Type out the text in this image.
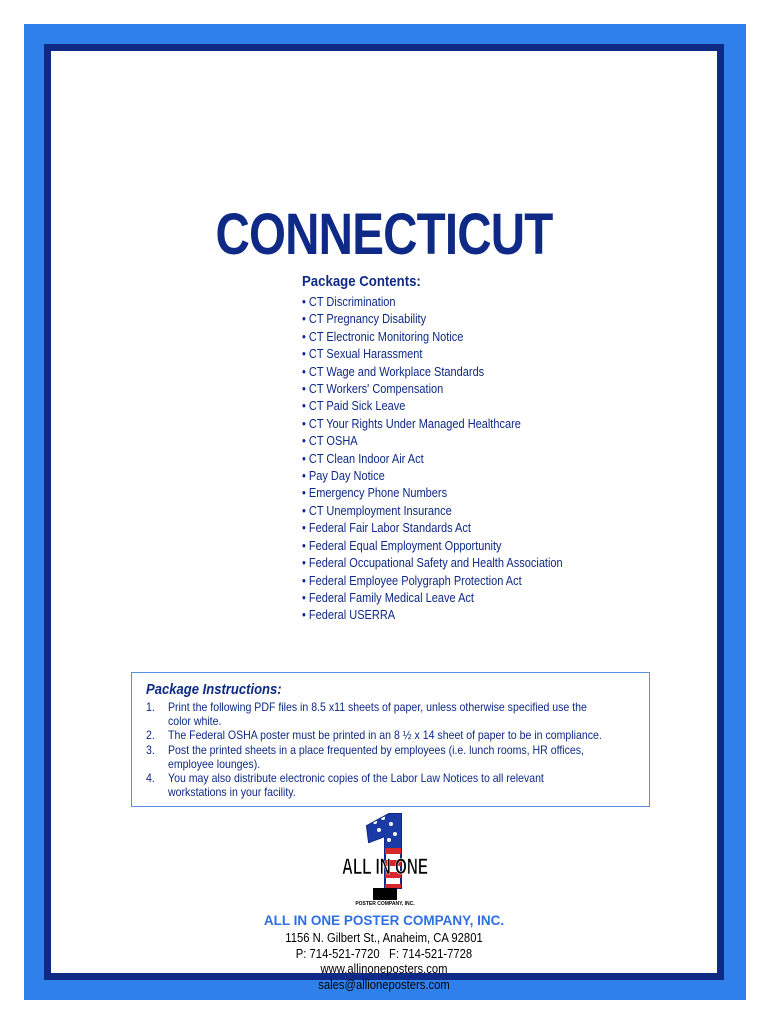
CONNECTICUT
Package Contents:
• CT Discrimination
• CT Pregnancy Disability
• CT Electronic Monitoring Notice
• CT Sexual Harassment
• CT Wage and Workplace Standards
• CT Workers' Compensation
• CT Paid Sick Leave
• CT Your Rights Under Managed Healthcare
• CT OSHA
• CT Clean Indoor Air Act
• Pay Day Notice
• Emergency Phone Numbers
• CT Unemployment Insurance
• Federal Fair Labor Standards Act
• Federal Equal Employment Opportunity
• Federal Occupational Safety and Health Association
• Federal Employee Polygraph Protection Act
• Federal Family Medical Leave Act
• Federal USERRA
Package Instructions:
1. Print the following PDF files in 8.5 x11 sheets of paper, unless otherwise specified use the color white.
2. The Federal OSHA poster must be printed in an 8 ½ x 14 sheet of paper to be in compliance.
3. Post the printed sheets in a place frequented by employees (i.e. lunch rooms, HR offices, employee lounges).
4. You may also distribute electronic copies of the Labor Law Notices to all relevant workstations in your facility.
ALL IN ONE
POSTER COMPANY, INC.
ALL IN ONE POSTER COMPANY, INC.
1156 N. Gilbert St., Anaheim, CA 92801
P: 714-521-7720   F: 714-521-7728
www.allinoneposters.com
sales@allioneposters.com
